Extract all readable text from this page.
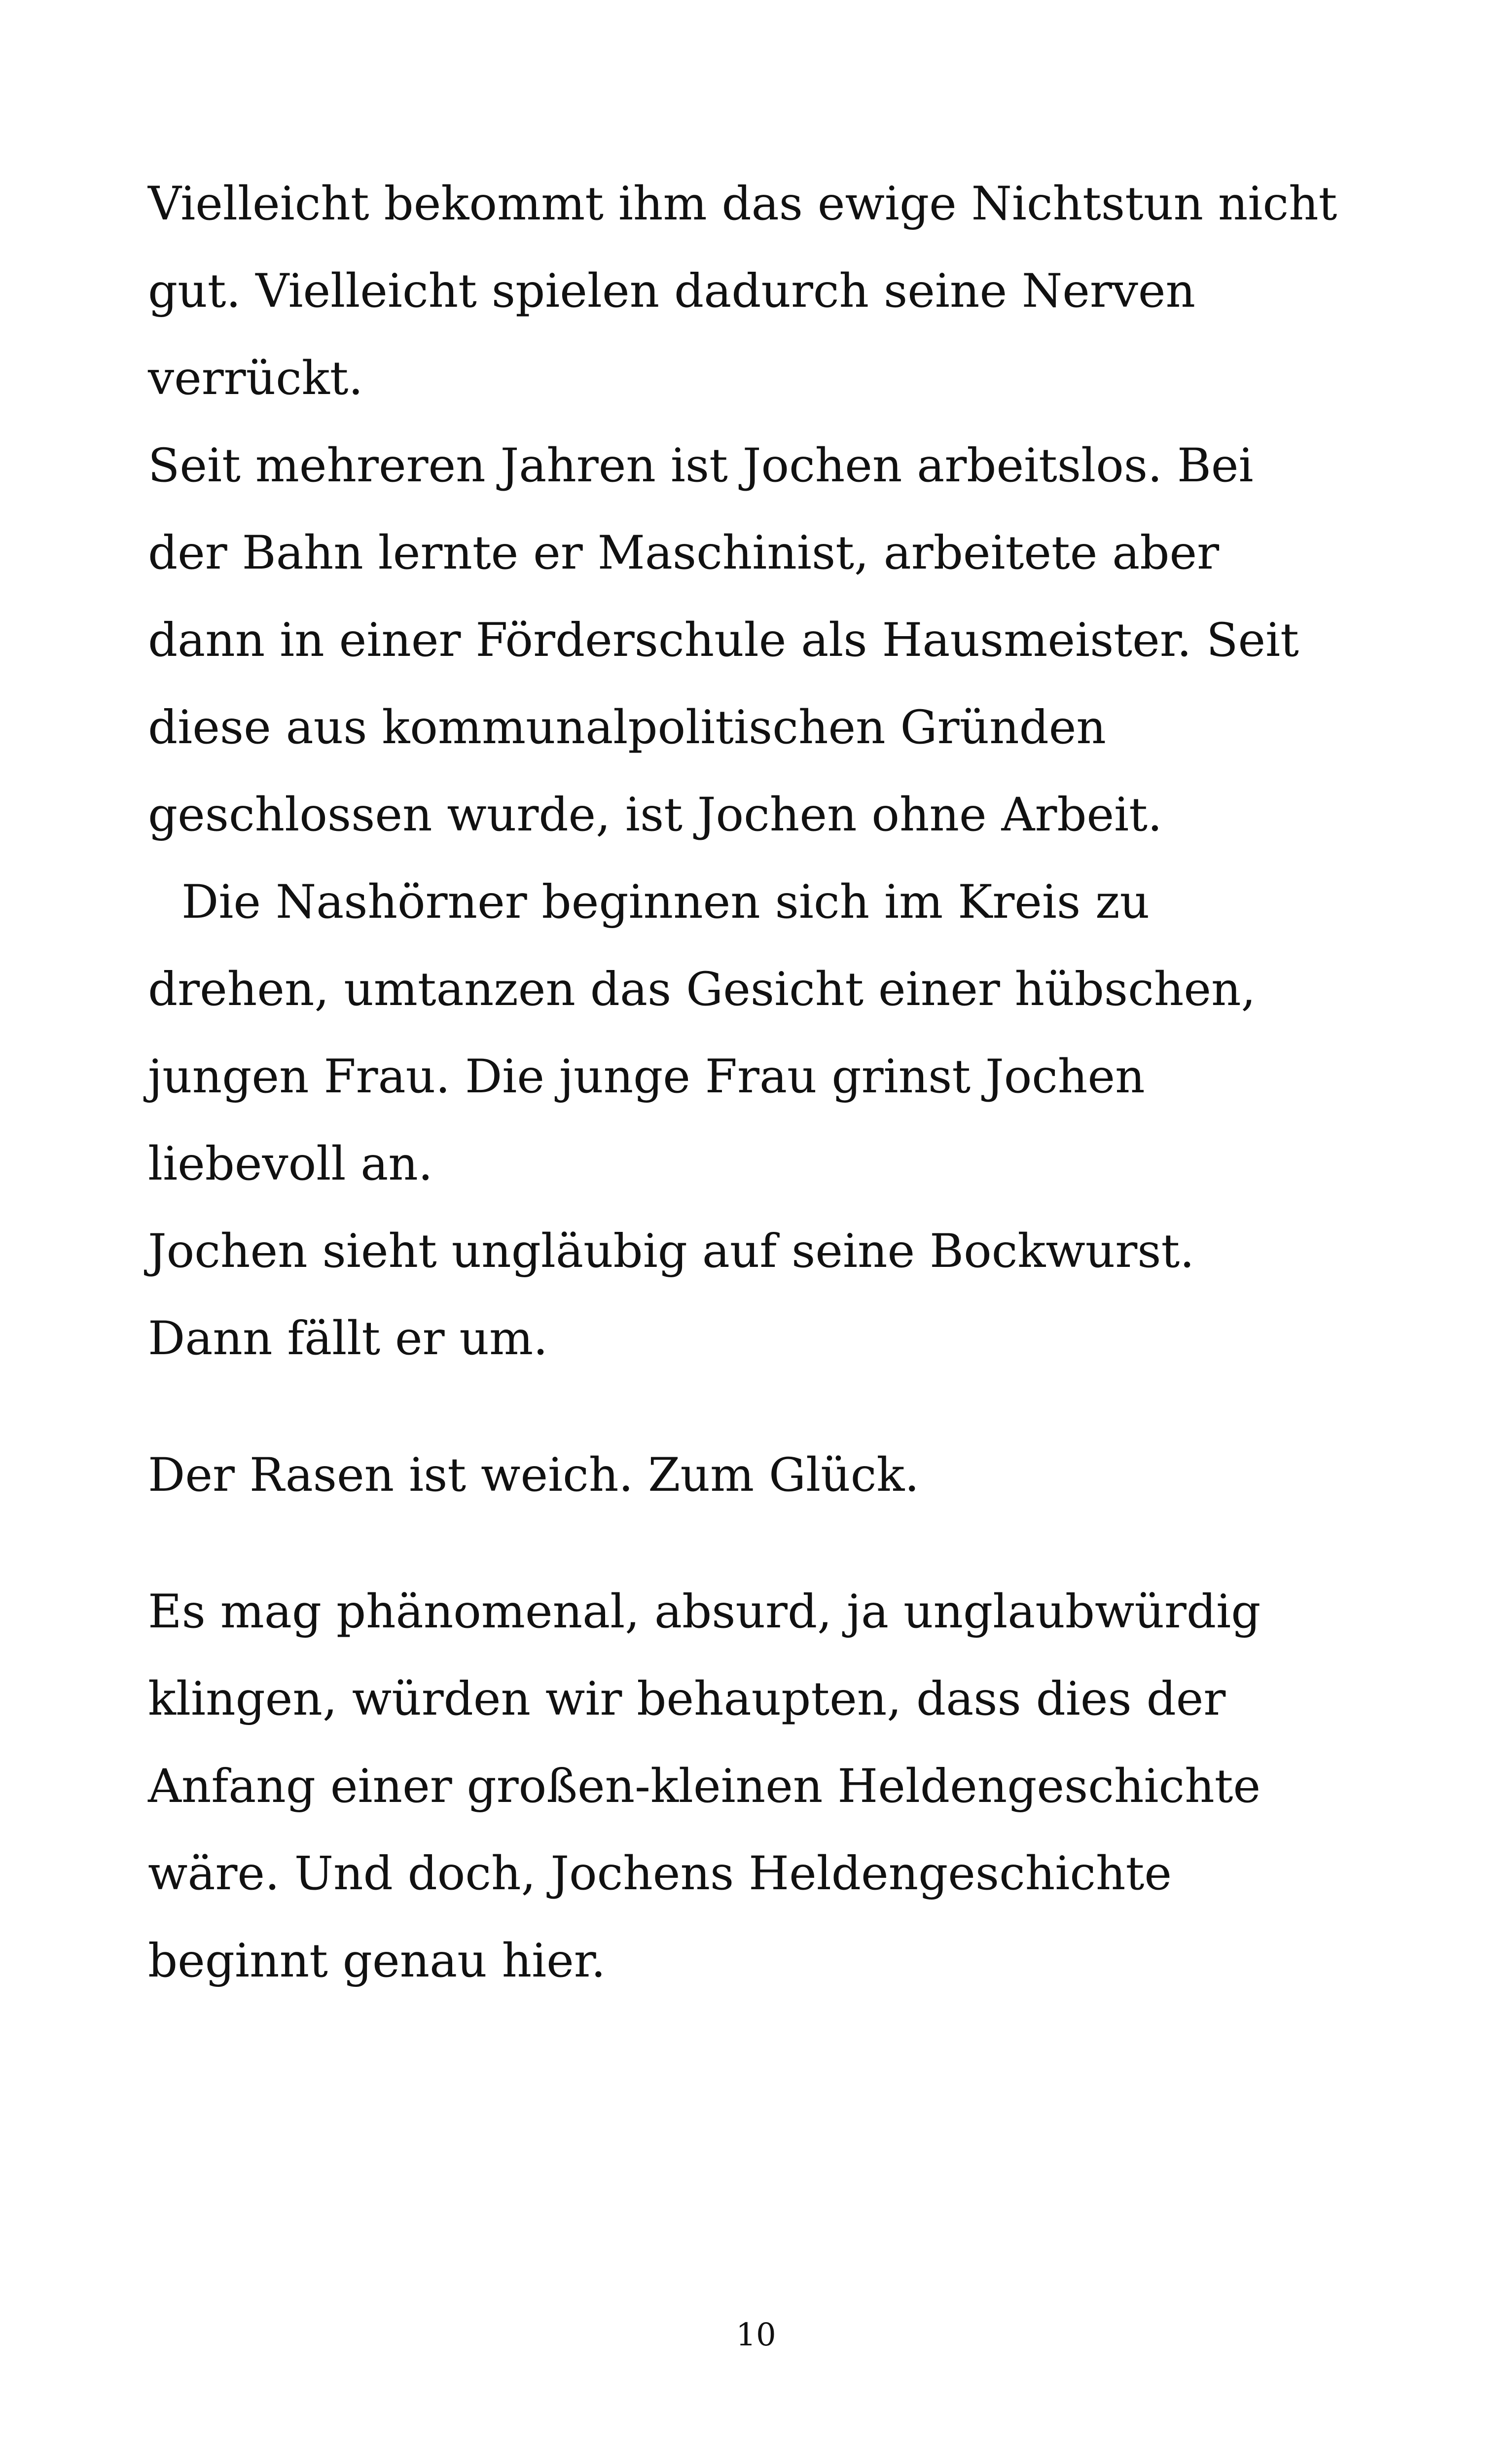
Vielleicht bekommt ihm das ewige Nichtstun nicht
gut. Vielleicht spielen dadurch seine Nerven
verrückt.
Seit mehreren Jahren ist Jochen arbeitslos. Bei
der Bahn lernte er Maschinist, arbeitete aber
dann in einer Förderschule als Hausmeister. Seit
diese aus kommunalpolitischen Gründen
geschlossen wurde, ist Jochen ohne Arbeit.
Die Nashörner beginnen sich im Kreis zu
drehen, umtanzen das Gesicht einer hübschen,
jungen Frau. Die junge Frau grinst Jochen
liebevoll an.
Jochen sieht ungläubig auf seine Bockwurst.
Dann fällt er um.
Der Rasen ist weich. Zum Glück.
Es mag phänomenal, absurd, ja unglaubwürdig
klingen, würden wir behaupten, dass dies der
Anfang einer großen-kleinen Heldengeschichte
wäre. Und doch, Jochens Heldengeschichte
beginnt genau hier.
10
